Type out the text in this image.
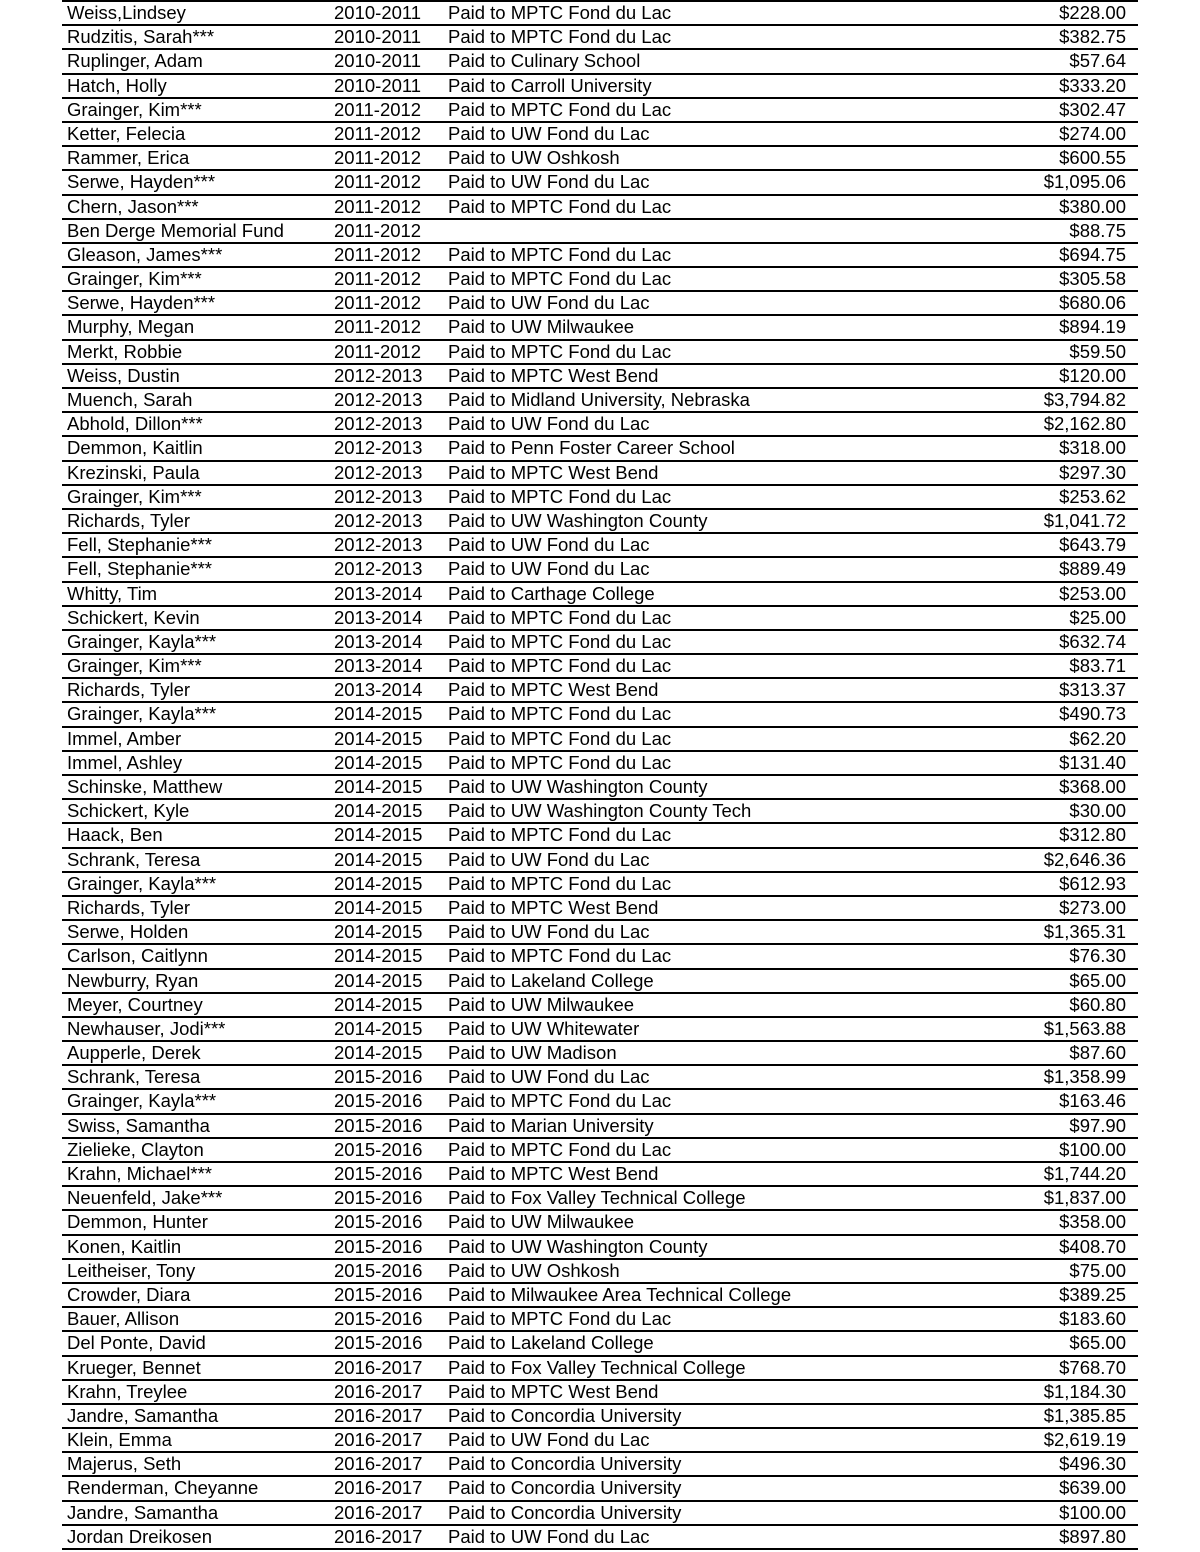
Weiss,Lindsey	2010-2011 Paid to MPTC Fond du Lac	$228.00
Rudzitis, Sarah***	2010-2011 Paid to MPTC Fond du Lac	$382.75
Ruplinger, Adam	2010-2011 Paid to Culinary School	$57.64
Hatch, Holly	2010-2011 Paid to Carroll University	$333.20
Grainger, Kim***	2011-2012 Paid to MPTC Fond du Lac	$302.47
Ketter, Felecia	2011-2012 Paid to UW Fond du Lac	$274.00
Rammer, Erica	2011-2012 Paid to UW Oshkosh	$600.55
Serwe, Hayden***	2011-2012 Paid to UW Fond du Lac	$1,095.06
Chern, Jason***	2011-2012 Paid to MPTC Fond du Lac	$380.00
Ben Derge Memorial Fund	2011-2012	$88.75
Gleason, James***	2011-2012 Paid to MPTC Fond du Lac	$694.75
Grainger, Kim***	2011-2012 Paid to MPTC Fond du Lac	$305.58
Serwe, Hayden***	2011-2012 Paid to UW Fond du Lac	$680.06
Murphy, Megan	2011-2012 Paid to UW Milwaukee	$894.19
Merkt, Robbie	2011-2012 Paid to MPTC Fond du Lac	$59.50
Weiss, Dustin	2012-2013 Paid to MPTC West Bend	$120.00
Muench, Sarah	2012-2013 Paid to Midland University, Nebraska	$3,794.82
Abhold, Dillon***	2012-2013 Paid to UW Fond du Lac	$2,162.80
Demmon, Kaitlin	2012-2013 Paid to Penn Foster Career School	$318.00
Krezinski, Paula	2012-2013 Paid to MPTC West Bend	$297.30
Grainger, Kim***	2012-2013 Paid to MPTC Fond du Lac	$253.62
Richards, Tyler	2012-2013 Paid to UW Washington County	$1,041.72
Fell, Stephanie***	2012-2013 Paid to UW Fond du Lac	$643.79
Fell, Stephanie***	2012-2013 Paid to UW Fond du Lac	$889.49
Whitty, Tim	2013-2014 Paid to Carthage College	$253.00
Schickert, Kevin	2013-2014 Paid to MPTC Fond du Lac	$25.00
Grainger, Kayla***	2013-2014 Paid to MPTC Fond du Lac	$632.74
Grainger, Kim***	2013-2014 Paid to MPTC Fond du Lac	$83.71
Richards, Tyler	2013-2014 Paid to MPTC West Bend	$313.37
Grainger, Kayla***	2014-2015 Paid to MPTC Fond du Lac	$490.73
Immel, Amber	2014-2015 Paid to MPTC Fond du Lac	$62.20
Immel, Ashley	2014-2015 Paid to MPTC Fond du Lac	$131.40
Schinske, Matthew	2014-2015 Paid to UW Washington County	$368.00
Schickert, Kyle	2014-2015 Paid to UW Washington County Tech	$30.00
Haack, Ben	2014-2015 Paid to MPTC Fond du Lac	$312.80
Schrank, Teresa	2014-2015 Paid to UW Fond du Lac	$2,646.36
Grainger, Kayla***	2014-2015 Paid to MPTC Fond du Lac	$612.93
Richards, Tyler	2014-2015 Paid to MPTC West Bend	$273.00
Serwe, Holden	2014-2015 Paid to UW Fond du Lac	$1,365.31
Carlson, Caitlynn	2014-2015 Paid to MPTC Fond du Lac	$76.30
Newburry, Ryan	2014-2015 Paid to Lakeland College	$65.00
Meyer, Courtney	2014-2015 Paid to UW Milwaukee	$60.80
Newhauser, Jodi***	2014-2015 Paid to UW Whitewater	$1,563.88
Aupperle, Derek	2014-2015 Paid to UW Madison	$87.60
Schrank, Teresa	2015-2016 Paid to UW Fond du Lac	$1,358.99
Grainger, Kayla***	2015-2016 Paid to MPTC Fond du Lac	$163.46
Swiss, Samantha	2015-2016 Paid to Marian University	$97.90
Zielieke, Clayton	2015-2016 Paid to MPTC Fond du Lac	$100.00
Krahn, Michael***	2015-2016 Paid to MPTC West Bend	$1,744.20
Neuenfeld, Jake***	2015-2016 Paid to Fox Valley Technical College	$1,837.00
Demmon, Hunter	2015-2016 Paid to UW Milwaukee	$358.00
Konen, Kaitlin	2015-2016 Paid to UW Washington County	$408.70
Leitheiser, Tony	2015-2016 Paid to UW Oshkosh	$75.00
Crowder, Diara	2015-2016 Paid to Milwaukee Area Technical College	$389.25
Bauer, Allison	2015-2016 Paid to MPTC Fond du Lac	$183.60
Del Ponte, David	2015-2016 Paid to Lakeland College	$65.00
Krueger, Bennet	2016-2017 Paid to Fox Valley Technical College	$768.70
Krahn, Treylee	2016-2017 Paid to MPTC West Bend	$1,184.30
Jandre, Samantha	2016-2017 Paid to Concordia University	$1,385.85
Klein, Emma	2016-2017 Paid to UW Fond du Lac	$2,619.19
Majerus, Seth	2016-2017 Paid to Concordia University	$496.30
Renderman, Cheyanne	2016-2017 Paid to Concordia University	$639.00
Jandre, Samantha	2016-2017 Paid to Concordia University	$100.00
Jordan Dreikosen	2016-2017 Paid to UW Fond du Lac	$897.80
